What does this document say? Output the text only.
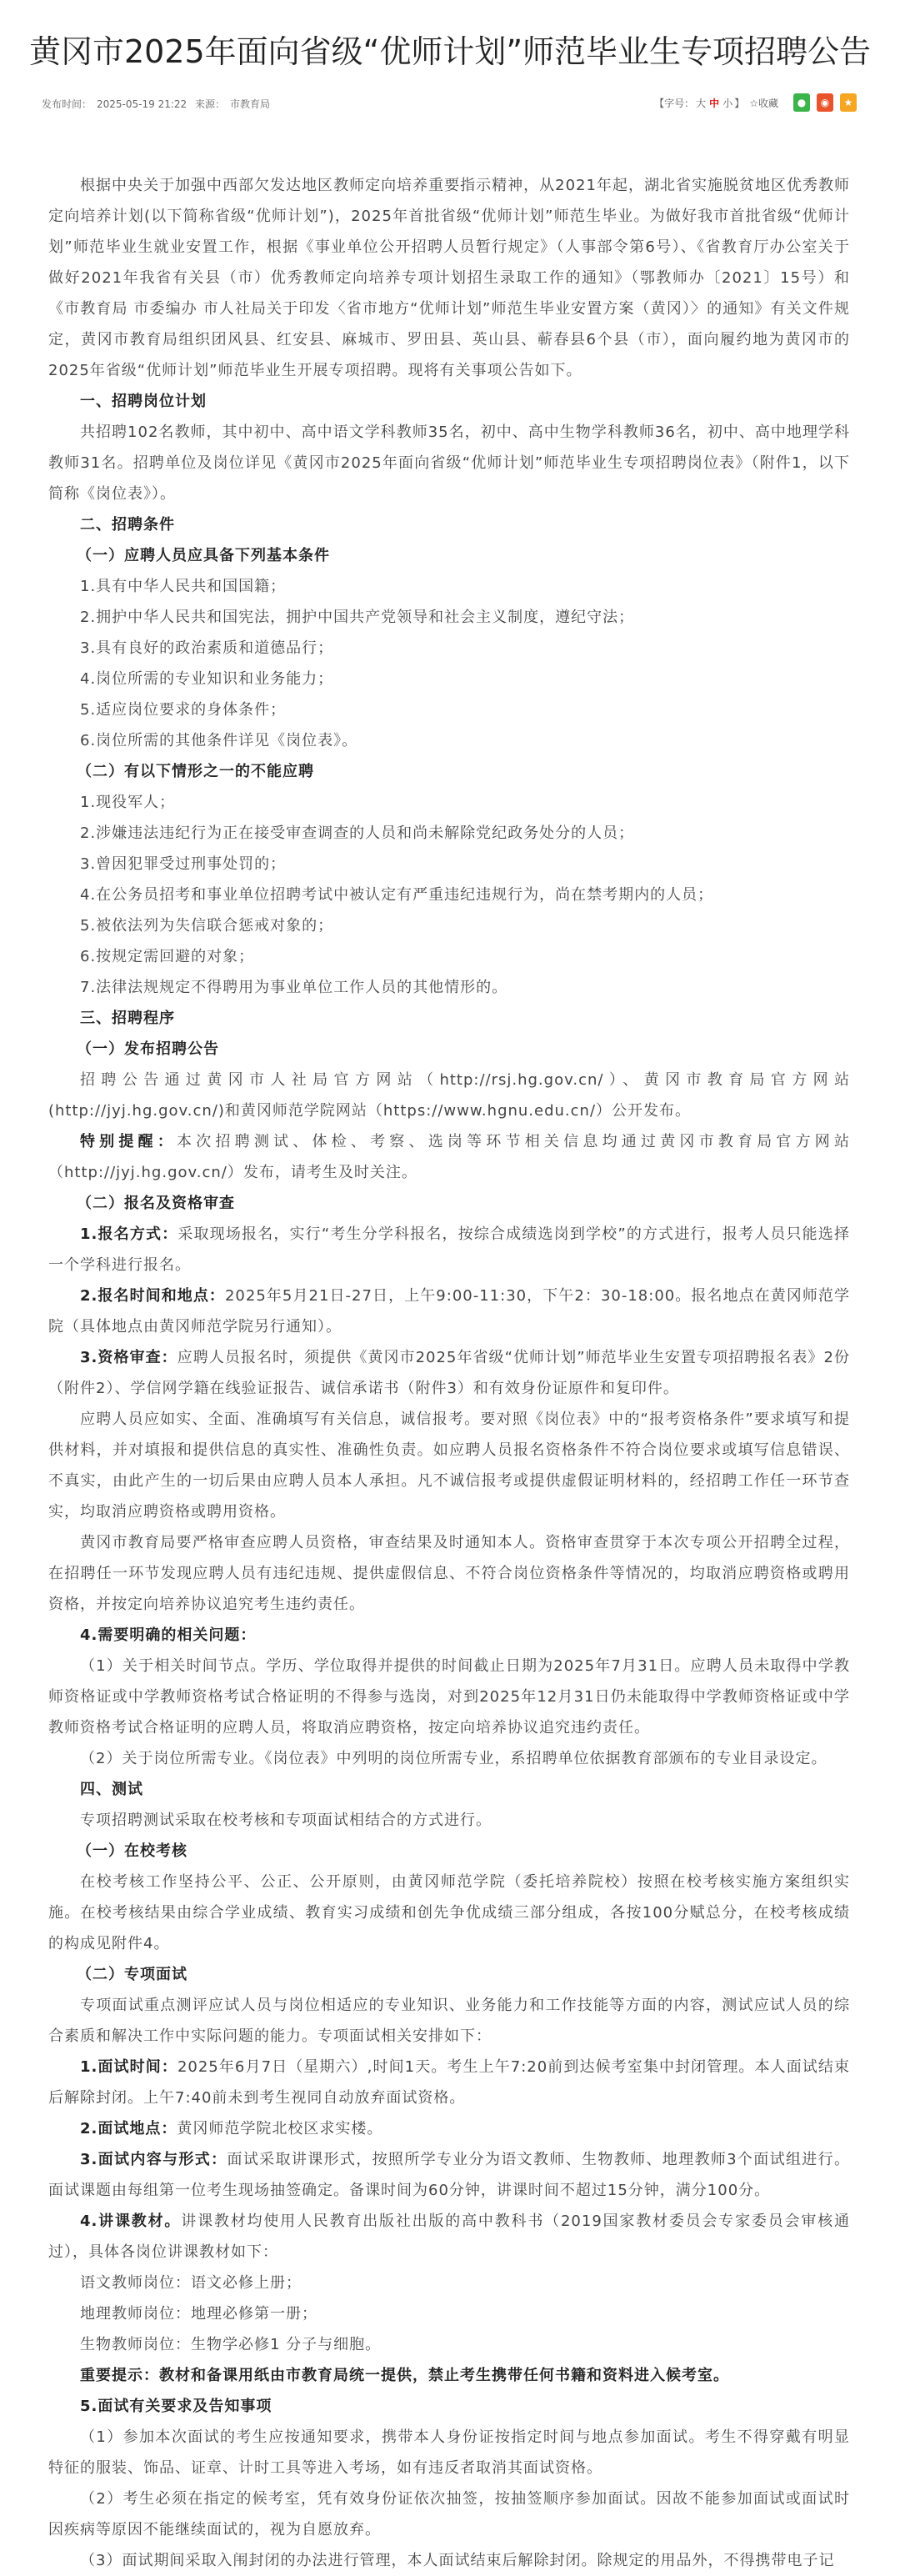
黄冈市2025年面向省级“优师计划”师范毕业生专项招聘公告
发布时间： 2025-05-19 21:22 来源： 市教育局	【字号： 大 中 小 】 ☆收藏 ● ◉ ★

根据中央关于加强中西部欠发达地区教师定向培养重要指示精神，从2021年起，湖北省实施脱贫地区优秀教师定向培养计划(以下简称省级“优师计划”)，2025年首批省级“优师计划”师范生毕业。为做好我市首批省级“优师计划”师范毕业生就业安置工作，根据《事业单位公开招聘人员暂行规定》（人事部令第6号）、《省教育厅办公室关于做好2021年我省有关县（市）优秀教师定向培养专项计划招生录取工作的通知》（鄂教师办〔2021〕15号）和《市教育局 市委编办 市人社局关于印发〈省市地方“优师计划”师范生毕业安置方案（黄冈）〉的通知》有关文件规定，黄冈市教育局组织团风县、红安县、麻城市、罗田县、英山县、蕲春县6个县（市），面向履约地为黄冈市的2025年省级“优师计划”师范毕业生开展专项招聘。现将有关事项公告如下。

一、招聘岗位计划

共招聘102名教师，其中初中、高中语文学科教师35名，初中、高中生物学科教师36名，初中、高中地理学科教师31名。招聘单位及岗位详见《黄冈市2025年面向省级“优师计划”师范毕业生专项招聘岗位表》（附件1，以下简称《岗位表》）。

二、招聘条件

（一）应聘人员应具备下列基本条件

1.具有中华人民共和国国籍；

2.拥护中华人民共和国宪法，拥护中国共产党领导和社会主义制度，遵纪守法；

3.具有良好的政治素质和道德品行；

4.岗位所需的专业知识和业务能力；

5.适应岗位要求的身体条件；

6.岗位所需的其他条件详见《岗位表》。

（二）有以下情形之一的不能应聘

1.现役军人；

2.涉嫌违法违纪行为正在接受审查调查的人员和尚未解除党纪政务处分的人员；

3.曾因犯罪受过刑事处罚的；

4.在公务员招考和事业单位招聘考试中被认定有严重违纪违规行为，尚在禁考期内的人员；

5.被依法列为失信联合惩戒对象的；

6.按规定需回避的对象；

7.法律法规规定不得聘用为事业单位工作人员的其他情形的。

三、招聘程序

（一）发布招聘公告

招聘公告通过黄冈市人社局官方网站（http://rsj.hg.gov.cn/）、黄冈市教育局官方网站(http://jyj.hg.gov.cn/)和黄冈师范学院网站（https://www.hgnu.edu.cn/）公开发布。

特别提醒：本次招聘测试、体检、考察、选岗等环节相关信息均通过黄冈市教育局官方网站（http://jyj.hg.gov.cn/）发布，请考生及时关注。

（二）报名及资格审查

1.报名方式：采取现场报名，实行“考生分学科报名，按综合成绩选岗到学校”的方式进行，报考人员只能选择一个学科进行报名。

2.报名时间和地点：2025年5月21日-27日，上午9:00-11:30，下午2：30-18:00。报名地点在黄冈师范学院（具体地点由黄冈师范学院另行通知）。

3.资格审查：应聘人员报名时，须提供《黄冈市2025年省级“优师计划”师范毕业生安置专项招聘报名表》2份（附件2）、学信网学籍在线验证报告、诚信承诺书（附件3）和有效身份证原件和复印件。

应聘人员应如实、全面、准确填写有关信息，诚信报考。要对照《岗位表》中的“报考资格条件”要求填写和提供材料，并对填报和提供信息的真实性、准确性负责。如应聘人员报名资格条件不符合岗位要求或填写信息错误、不真实，由此产生的一切后果由应聘人员本人承担。凡不诚信报考或提供虚假证明材料的，经招聘工作任一环节查实，均取消应聘资格或聘用资格。

黄冈市教育局要严格审查应聘人员资格，审查结果及时通知本人。资格审查贯穿于本次专项公开招聘全过程，在招聘任一环节发现应聘人员有违纪违规、提供虚假信息、不符合岗位资格条件等情况的，均取消应聘资格或聘用资格，并按定向培养协议追究考生违约责任。

4.需要明确的相关问题：

（1）关于相关时间节点。学历、学位取得并提供的时间截止日期为2025年7月31日。应聘人员未取得中学教师资格证或中学教师资格考试合格证明的不得参与选岗，对到2025年12月31日仍未能取得中学教师资格证或中学教师资格考试合格证明的应聘人员，将取消应聘资格，按定向培养协议追究违约责任。

（2）关于岗位所需专业。《岗位表》中列明的岗位所需专业，系招聘单位依据教育部颁布的专业目录设定。

四、测试

专项招聘测试采取在校考核和专项面试相结合的方式进行。

（一）在校考核

在校考核工作坚持公平、公正、公开原则，由黄冈师范学院（委托培养院校）按照在校考核实施方案组织实施。在校考核结果由综合学业成绩、教育实习成绩和创先争优成绩三部分组成，各按100分赋总分，在校考核成绩的构成见附件4。

（二）专项面试

专项面试重点测评应试人员与岗位相适应的专业知识、业务能力和工作技能等方面的内容，测试应试人员的综合素质和解决工作中实际问题的能力。专项面试相关安排如下：

1.面试时间：2025年6月7日（星期六）,时间1天。考生上午7:20前到达候考室集中封闭管理。本人面试结束后解除封闭。上午7:40前未到考生视同自动放弃面试资格。

2.面试地点：黄冈师范学院北校区求实楼。

3.面试内容与形式：面试采取讲课形式，按照所学专业分为语文教师、生物教师、地理教师3个面试组进行。面试课题由每组第一位考生现场抽签确定。备课时间为60分钟，讲课时间不超过15分钟，满分100分。

4.讲课教材。讲课教材均使用人民教育出版社出版的高中教科书（2019国家教材委员会专家委员会审核通过），具体各岗位讲课教材如下：

语文教师岗位：语文必修上册；

地理教师岗位：地理必修第一册；

生物教师岗位：生物学必修1 分子与细胞。

重要提示：教材和备课用纸由市教育局统一提供，禁止考生携带任何书籍和资料进入候考室。

5.面试有关要求及告知事项

（1）参加本次面试的考生应按通知要求，携带本人身份证按指定时间与地点参加面试。考生不得穿戴有明显特征的服装、饰品、证章、计时工具等进入考场，如有违反者取消其面试资格。

（2）考生必须在指定的候考室，凭有效身份证依次抽签，按抽签顺序参加面试。因故不能参加面试或面试时因疾病等原因不能继续面试的，视为自愿放弃。

（3）面试期间采取入闱封闭的办法进行管理，本人面试结束后解除封闭。除规定的用品外，不得携带电子记
